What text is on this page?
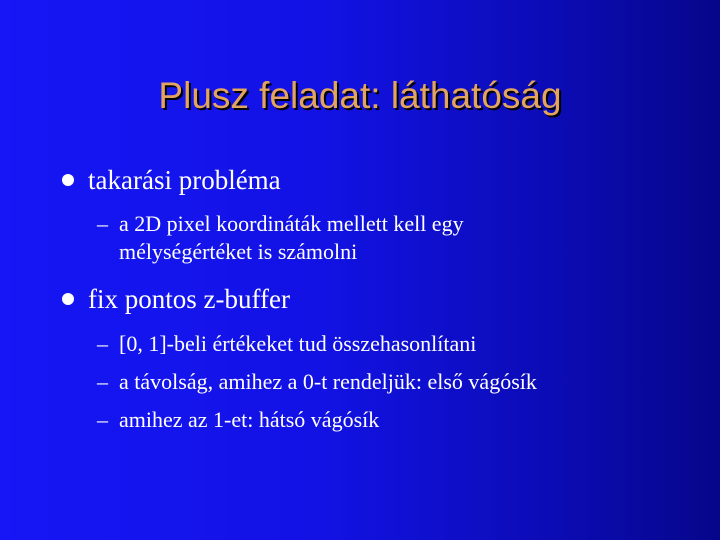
Plusz feladat: láthatóság
takarási probléma
– a 2D pixel koordináták mellett kell egy
mélységértéket is számolni
fix pontos z-buffer
– [0, 1]-beli értékeket tud összehasonlítani
– a távolság, amihez a 0-t rendeljük: első vágósík
– amihez az 1-et: hátsó vágósík
